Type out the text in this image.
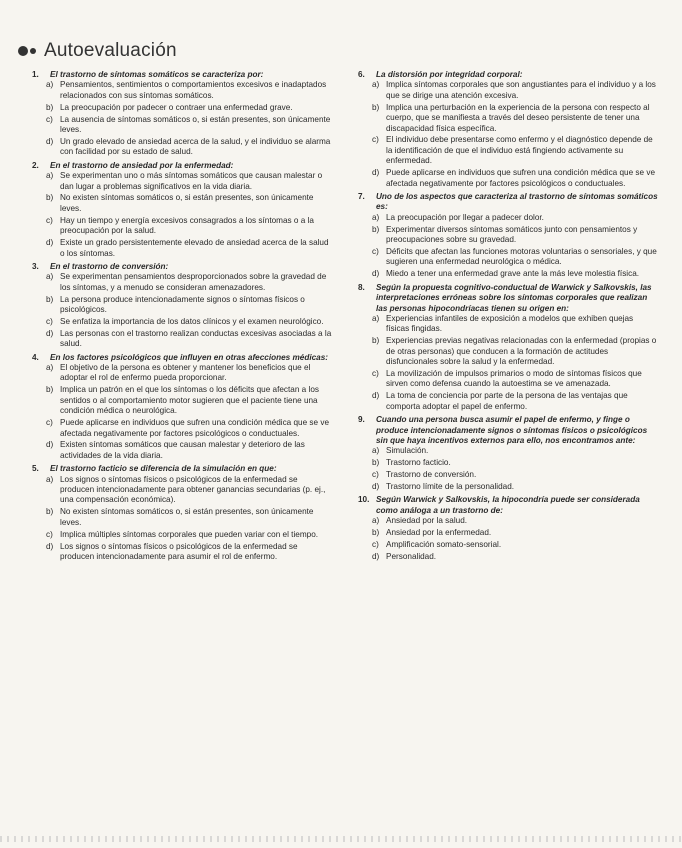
Autoevaluación
1.	El trastorno de síntomas somáticos se caracteriza por:
a) Pensamientos, sentimientos o comportamientos excesivos e inadaptados relacionados con sus síntomas somáticos.
b) La preocupación por padecer o contraer una enfermedad grave.
c) La ausencia de síntomas somáticos o, si están presentes, son únicamente leves.
d) Un grado elevado de ansiedad acerca de la salud, y el individuo se alarma con facilidad por su estado de salud.
2.	En el trastorno de ansiedad por la enfermedad:
a) Se experimentan uno o más síntomas somáticos que causan malestar o dan lugar a problemas significativos en la vida diaria.
b) No existen síntomas somáticos o, si están presentes, son únicamente leves.
c) Hay un tiempo y energía excesivos consagrados a los síntomas o a la preocupación por la salud.
d) Existe un grado persistentemente elevado de ansiedad acerca de la salud o los síntomas.
3.	En el trastorno de conversión:
a) Se experimentan pensamientos desproporcionados sobre la gravedad de los síntomas, y a menudo se consideran amenazadores.
b) La persona produce intencionadamente signos o síntomas físicos o psicológicos.
c) Se enfatiza la importancia de los datos clínicos y el examen neurológico.
d) Las personas con el trastorno realizan conductas excesivas asociadas a la salud.
4.	En los factores psicológicos que influyen en otras afecciones médicas:
a) El objetivo de la persona es obtener y mantener los beneficios que el adoptar el rol de enfermo pueda proporcionar.
b) Implica un patrón en el que los síntomas o los déficits que afectan a los sentidos o al comportamiento motor sugieren que el paciente tiene una condición médica o neurológica.
c) Puede aplicarse en individuos que sufren una condición médica que se ve afectada negativamente por factores psicológicos o conductuales.
d) Existen síntomas somáticos que causan malestar y deterioro de las actividades de la vida diaria.
5.	El trastorno facticio se diferencia de la simulación en que:
a) Los signos o síntomas físicos o psicológicos de la enfermedad se producen intencionadamente para obtener ganancias secundarias (p. ej., una compensación económica).
b) No existen síntomas somáticos o, si están presentes, son únicamente leves.
c) Implica múltiples síntomas corporales que pueden variar con el tiempo.
d) Los signos o síntomas físicos o psicológicos de la enfermedad se producen intencionadamente para asumir el rol de enfermo.
6.	La distorsión por integridad corporal:
a) Implica síntomas corporales que son angustiantes para el individuo y a los que se dirige una atención excesiva.
b) Implica una perturbación en la experiencia de la persona con respecto al cuerpo, que se manifiesta a través del deseo persistente de tener una discapacidad física específica.
c) El individuo debe presentarse como enfermo y el diagnóstico depende de la identificación de que el individuo está fingiendo activamente su enfermedad.
d) Puede aplicarse en individuos que sufren una condición médica que se ve afectada negativamente por factores psicológicos o conductuales.
7.	Uno de los aspectos que caracteriza al trastorno de síntomas somáticos es:
a) La preocupación por llegar a padecer dolor.
b) Experimentar diversos síntomas somáticos junto con pensamientos y preocupaciones sobre su gravedad.
c) Déficits que afectan las funciones motoras voluntarias o sensoriales, y que sugieren una enfermedad neurológica o médica.
d) Miedo a tener una enfermedad grave ante la más leve molestia física.
8.	Según la propuesta cognitivo-conductual de Warwick y Salkovskis, las interpretaciones erróneas sobre los síntomas corporales que realizan las personas hipocondríacas tienen su origen en:
a) Experiencias infantiles de exposición a modelos que exhiben quejas físicas fingidas.
b) Experiencias previas negativas relacionadas con la enfermedad (propias o de otras personas) que conducen a la formación de actitudes disfuncionales sobre la salud y la enfermedad.
c) La movilización de impulsos primarios o modo de síntomas físicos que sirven como defensa cuando la autoestima se ve amenazada.
d) La toma de conciencia por parte de la persona de las ventajas que comporta adoptar el papel de enfermo.
9.	Cuando una persona busca asumir el papel de enfermo, y finge o produce intencionadamente signos o síntomas físicos o psicológicos sin que haya incentivos externos para ello, nos encontramos ante:
a) Simulación.
b) Trastorno facticio.
c) Trastorno de conversión.
d) Trastorno límite de la personalidad.
10. Según Warwick y Salkovskis, la hipocondría puede ser considerada como análoga a un trastorno de:
a) Ansiedad por la salud.
b) Ansiedad por la enfermedad.
c) Amplificación somato-sensorial.
d) Personalidad.
